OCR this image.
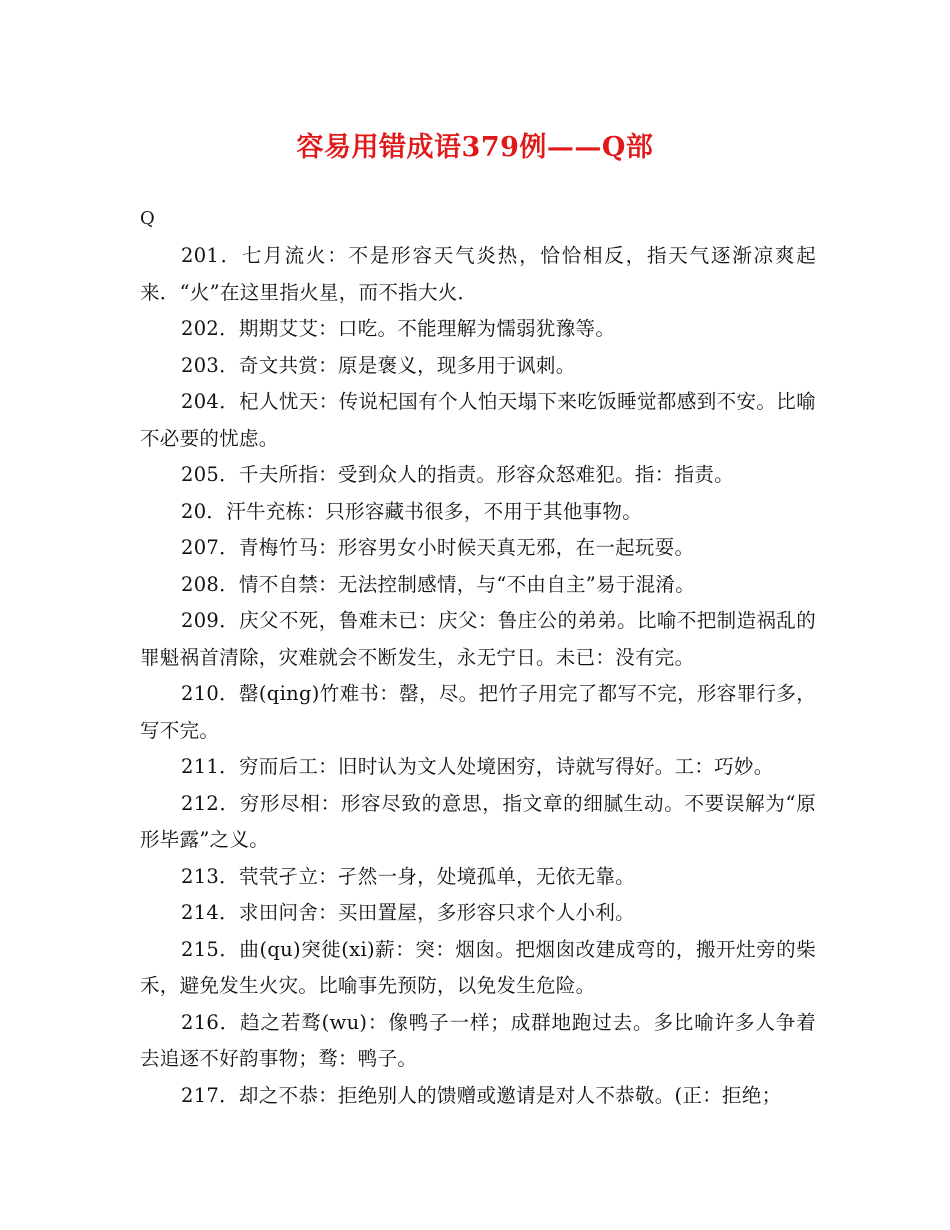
容易用错成语379例——Q部

Q

201．七月流火：不是形容天气炎热，恰恰相反，指天气逐渐凉爽起来．“火”在这里指火星，而不指大火．

202．期期艾艾：口吃。不能理解为懦弱犹豫等。

203．奇文共赏：原是褒义，现多用于讽刺。

204．杞人忧天：传说杞国有个人怕天塌下来吃饭睡觉都感到不安。比喻不必要的忧虑。

205．千夫所指：受到众人的指责。形容众怒难犯。指：指责。

20．汗牛充栋：只形容藏书很多，不用于其他事物。

207．青梅竹马：形容男女小时候天真无邪，在一起玩耍。

208．情不自禁：无法控制感情，与“不由自主”易于混淆。

209．庆父不死，鲁难未已：庆父：鲁庄公的弟弟。比喻不把制造祸乱的罪魁祸首清除，灾难就会不断发生，永无宁日。未已：没有完。

210．罄(qing)竹难书：罄，尽。把竹子用完了都写不完，形容罪行多，写不完。

211．穷而后工：旧时认为文人处境困穷，诗就写得好。工：巧妙。

212．穷形尽相：形容尽致的意思，指文章的细腻生动。不要误解为“原形毕露”之义。

213．茕茕孑立：孑然一身，处境孤单，无依无靠。

214．求田问舍：买田置屋，多形容只求个人小利。

215．曲(qu)突徙(xi)薪：突：烟囱。把烟囱改建成弯的，搬开灶旁的柴禾，避免发生火灾。比喻事先预防，以免发生危险。

216．趋之若骛(wu)：像鸭子一样；成群地跑过去。多比喻许多人争着去追逐不好韵事物；骛：鸭子。

217．却之不恭：拒绝别人的馈赠或邀请是对人不恭敬。(正：拒绝；
